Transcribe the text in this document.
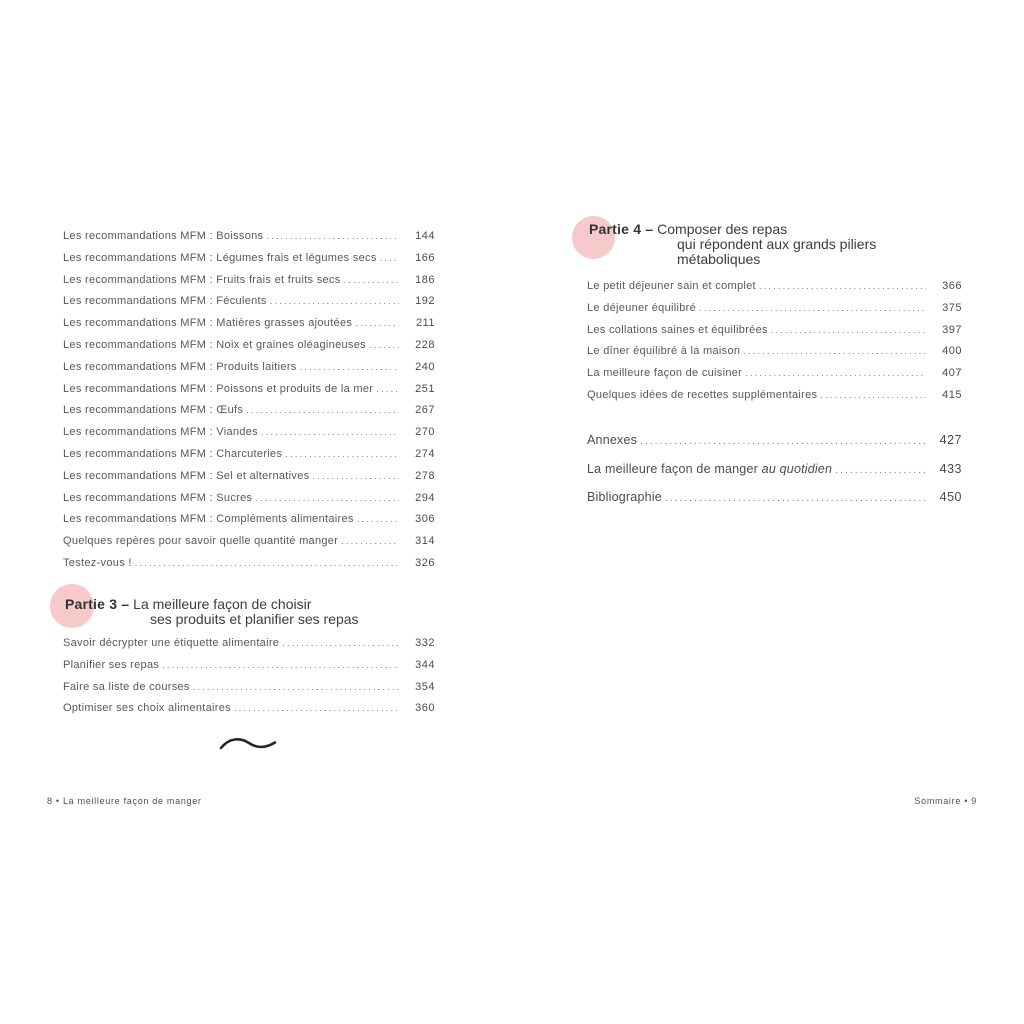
Les recommandations MFM : Boissons .....	144
Les recommandations MFM : Légumes frais et légumes secs .....	166
Les recommandations MFM : Fruits frais et fruits secs .....	186
Les recommandations MFM : Féculents .....	192
Les recommandations MFM : Matières grasses ajoutées .....	211
Les recommandations MFM : Noix et graines oléagineuses .....	228
Les recommandations MFM : Produits laitiers .....	240
Les recommandations MFM : Poissons et produits de la mer .....	251
Les recommandations MFM : Œufs .....	267
Les recommandations MFM : Viandes .....	270
Les recommandations MFM : Charcuteries .....	274
Les recommandations MFM : Sel et alternatives .....	278
Les recommandations MFM : Sucres .....	294
Les recommandations MFM : Compléments alimentaires .....	306
Quelques repères pour savoir quelle quantité manger .....	314
Testez-vous ! .....	326
Partie 3 – La meilleure façon de choisir
ses produits et planifier ses repas
Savoir décrypter une étiquette alimentaire .....	332
Planifier ses repas .....	344
Faire sa liste de courses .....	354
Optimiser ses choix alimentaires .....	360
8 • La meilleure façon de manger
Partie 4 – Composer des repas
qui répondent aux grands piliers
métaboliques
Le petit déjeuner sain et complet .....	366
Le déjeuner équilibré .....	375
Les collations saines et équilibrées .....	397
Le dîner équilibré à la maison .....	400
La meilleure façon de cuisiner .....	407
Quelques idées de recettes supplémentaires .....	415
Annexes .....	427
La meilleure façon de manger au quotidien .....	433
Bibliographie .....	450
Sommaire • 9
